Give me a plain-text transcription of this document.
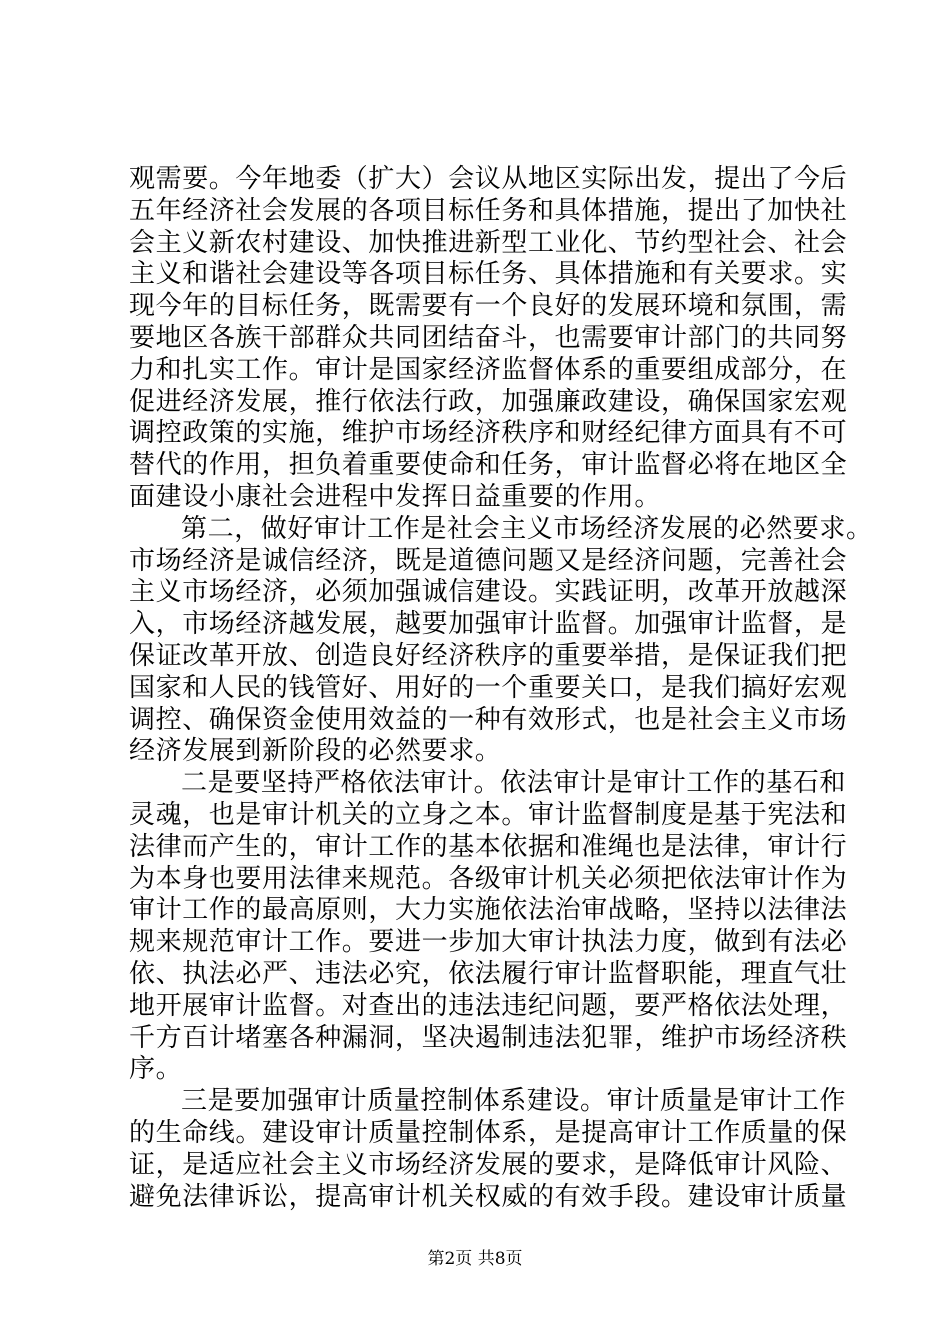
观需要。今年地委（扩大）会议从地区实际出发，提出了今后
五年经济社会发展的各项目标任务和具体措施，提出了加快社
会主义新农村建设、加快推进新型工业化、节约型社会、社会
主义和谐社会建设等各项目标任务、具体措施和有关要求。实
现今年的目标任务，既需要有一个良好的发展环境和氛围，需
要地区各族干部群众共同团结奋斗，也需要审计部门的共同努
力和扎实工作。审计是国家经济监督体系的重要组成部分，在
促进经济发展，推行依法行政，加强廉政建设，确保国家宏观
调控政策的实施，维护市场经济秩序和财经纪律方面具有不可
替代的作用，担负着重要使命和任务，审计监督必将在地区全
面建设小康社会进程中发挥日益重要的作用。
第二，做好审计工作是社会主义市场经济发展的必然要求。
市场经济是诚信经济，既是道德问题又是经济问题，完善社会
主义市场经济，必须加强诚信建设。实践证明，改革开放越深
入，市场经济越发展，越要加强审计监督。加强审计监督，是
保证改革开放、创造良好经济秩序的重要举措，是保证我们把
国家和人民的钱管好、用好的一个重要关口，是我们搞好宏观
调控、确保资金使用效益的一种有效形式，也是社会主义市场
经济发展到新阶段的必然要求。
二是要坚持严格依法审计。依法审计是审计工作的基石和
灵魂，也是审计机关的立身之本。审计监督制度是基于宪法和
法律而产生的，审计工作的基本依据和准绳也是法律，审计行
为本身也要用法律来规范。各级审计机关必须把依法审计作为
审计工作的最高原则，大力实施依法治审战略，坚持以法律法
规来规范审计工作。要进一步加大审计执法力度，做到有法必
依、执法必严、违法必究，依法履行审计监督职能，理直气壮
地开展审计监督。对查出的违法违纪问题，要严格依法处理，
千方百计堵塞各种漏洞，坚决遏制违法犯罪，维护市场经济秩
序。
三是要加强审计质量控制体系建设。审计质量是审计工作
的生命线。建设审计质量控制体系，是提高审计工作质量的保
证，是适应社会主义市场经济发展的要求，是降低审计风险、
避免法律诉讼，提高审计机关权威的有效手段。建设审计质量
第2页 共8页
